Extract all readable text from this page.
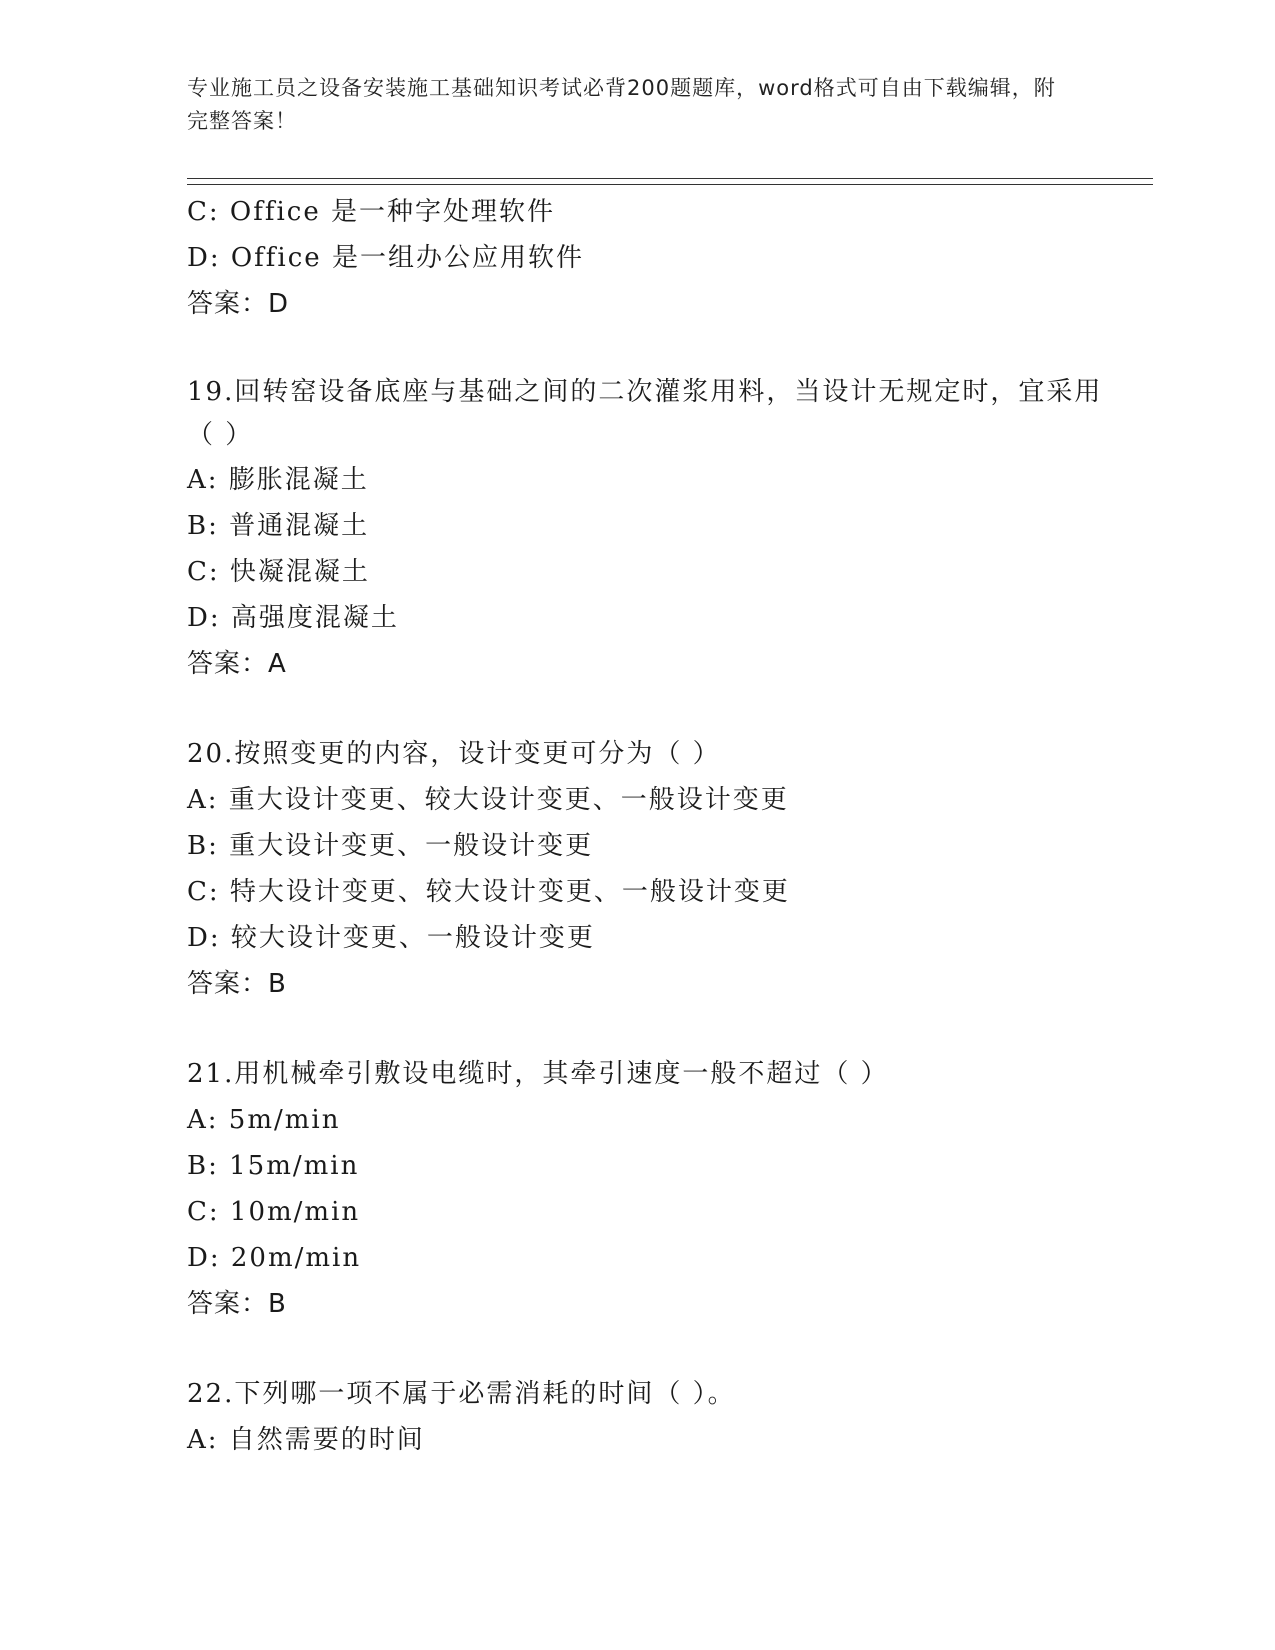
专业施工员之设备安装施工基础知识考试必背200题题库，word格式可自由下载编辑，附完整答案！
C: Office 是一种字处理软件
D: Office 是一组办公应用软件
答案：D
19.回转窑设备底座与基础之间的二次灌浆用料，当设计无规定时，宜采用（ ）
A: 膨胀混凝土
B: 普通混凝土
C: 快凝混凝土
D: 高强度混凝土
答案：A
20.按照变更的内容，设计变更可分为（ ）
A: 重大设计变更、较大设计变更、一般设计变更
B: 重大设计变更、一般设计变更
C: 特大设计变更、较大设计变更、一般设计变更
D: 较大设计变更、一般设计变更
答案：B
21.用机械牵引敷设电缆时，其牵引速度一般不超过（ ）
A: 5m/min
B: 15m/min
C: 10m/min
D: 20m/min
答案：B
22.下列哪一项不属于必需消耗的时间（ ）。
A: 自然需要的时间
